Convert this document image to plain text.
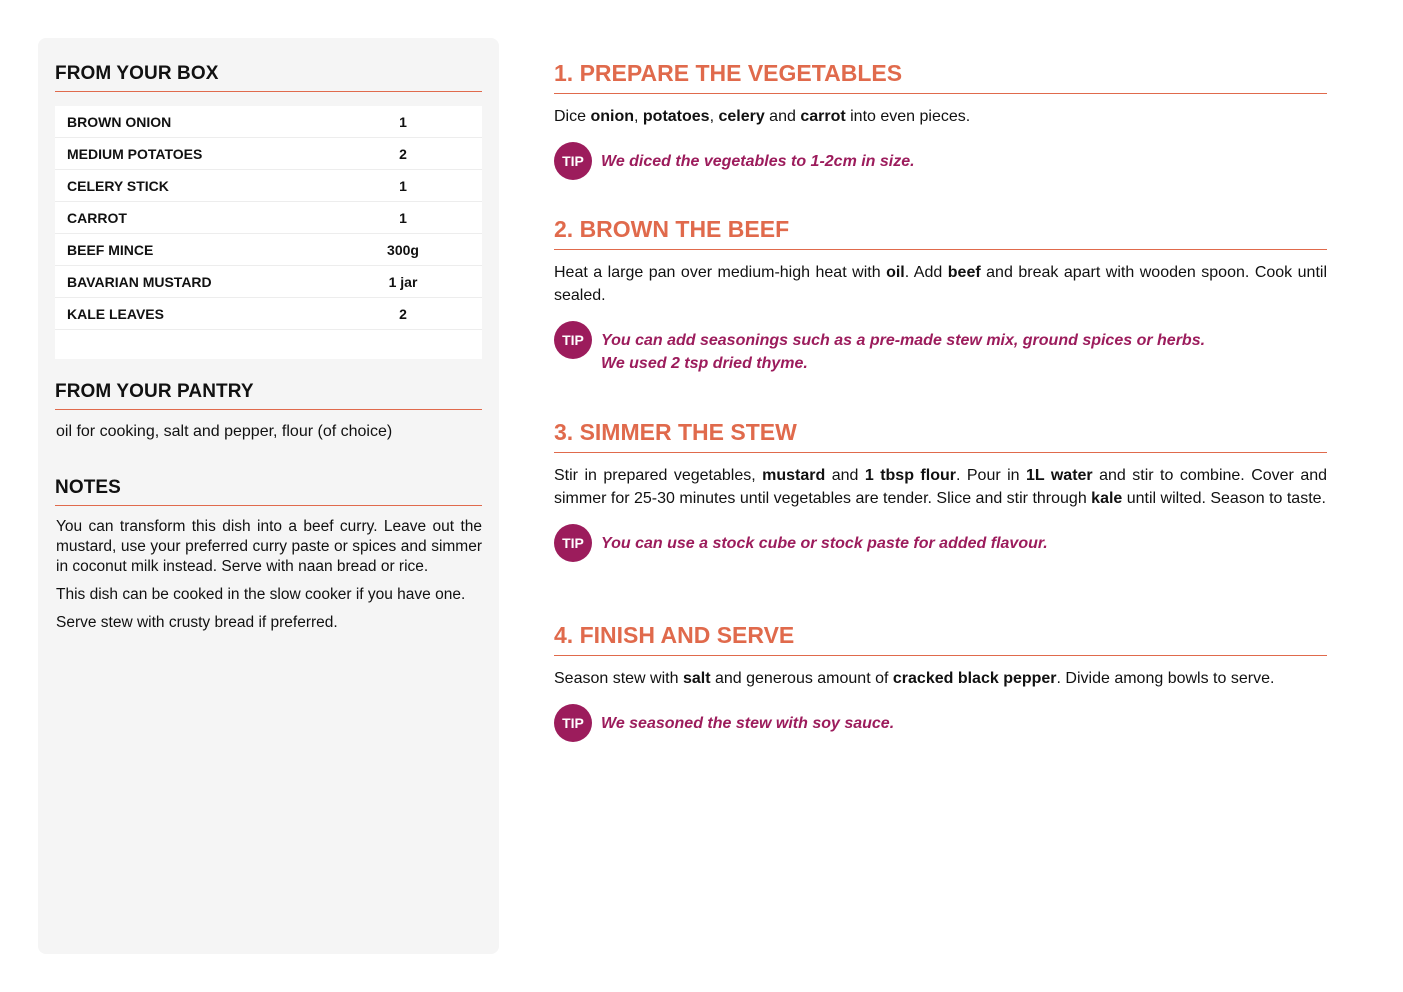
FROM YOUR BOX
BROWN ONION	1
MEDIUM POTATOES	2
CELERY STICK	1
CARROT	1
BEEF MINCE	300g
BAVARIAN MUSTARD	1 jar
KALE LEAVES	2
FROM YOUR PANTRY
oil for cooking, salt and pepper, flour (of choice)
NOTES

You can transform this dish into a beef curry. Leave out the mustard, use your preferred curry paste or spices and simmer in coconut milk instead. Serve with naan bread or rice.

This dish can be cooked in the slow cooker if you have one.

Serve stew with crusty bread if preferred.

1. PREPARE THE VEGETABLES
Dice onion, potatoes, celery and carrot into even pieces.
TIP	We diced the vegetables to 1-2cm in size.
2. BROWN THE BEEF
Heat a large pan over medium-high heat with oil. Add beef and break apart with wooden spoon. Cook until sealed.
TIP	You can add seasonings such as a pre-made stew mix, ground spices or herbs.
We used 2 tsp dried thyme.
3. SIMMER THE STEW
Stir in prepared vegetables, mustard and 1 tbsp flour. Pour in 1L water and stir to combine. Cover and simmer for 25-30 minutes until vegetables are tender. Slice and stir through kale until wilted. Season to taste.
TIP	You can use a stock cube or stock paste for added flavour.
4. FINISH AND SERVE
Season stew with salt and generous amount of cracked black pepper. Divide among bowls to serve.
TIP	We seasoned the stew with soy sauce.
